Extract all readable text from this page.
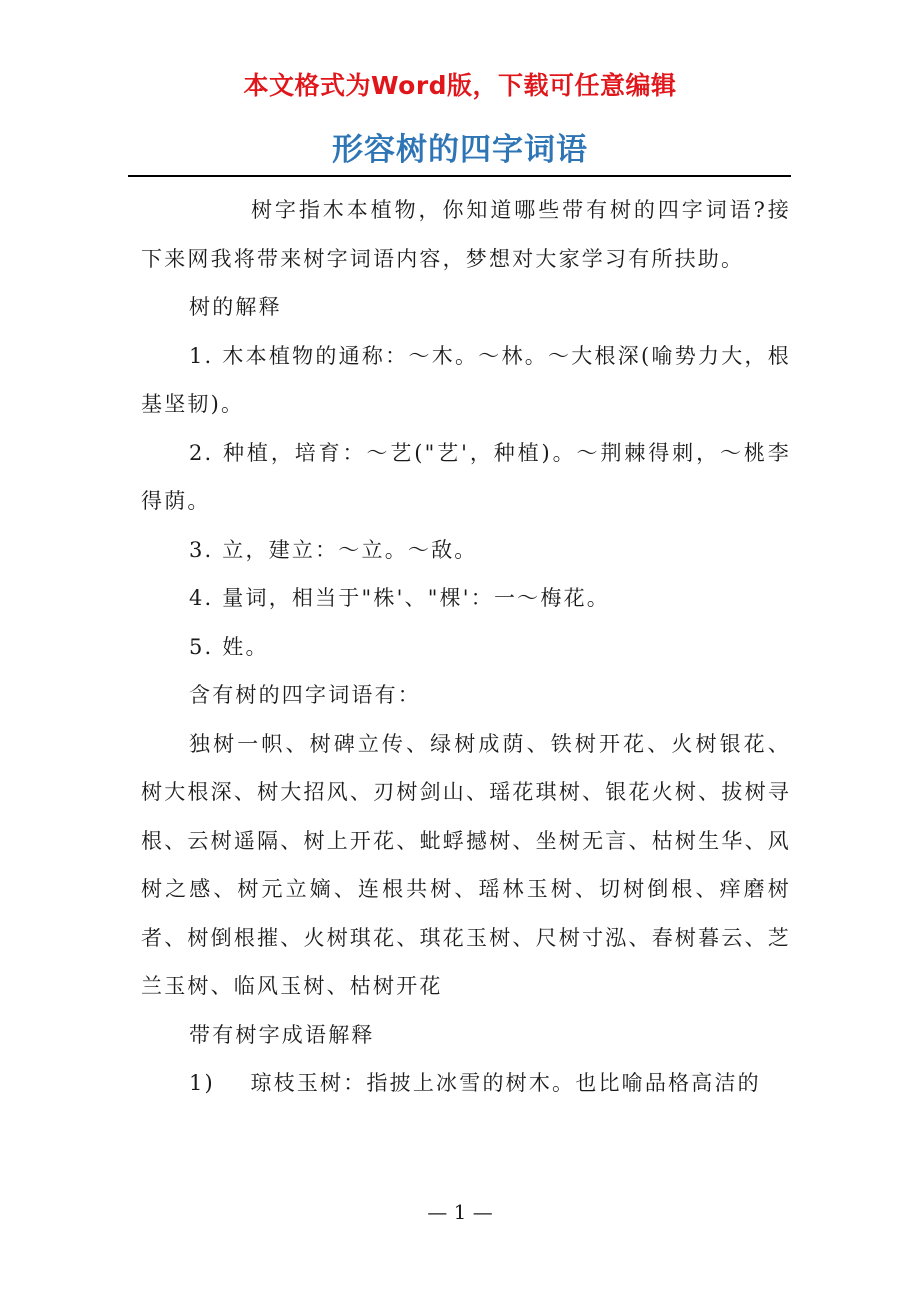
本文格式为Word版，下载可任意编辑
形容树的四字词语

树字指木本植物，你知道哪些带有树的四字词语?接下来网我将带来树字词语内容，梦想对大家学习有所扶助。

树的解释

1. 木本植物的通称：～木。～林。～大根深(喻势力大，根基坚韧)。

2. 种植，培育：～艺("艺'，种植)。～荆棘得刺，～桃李得荫。

3. 立，建立：～立。～敌。

4. 量词，相当于"株'、"棵'：一～梅花。

5. 姓。

含有树的四字词语有：

独树一帜、树碑立传、绿树成荫、铁树开花、火树银花、树大根深、树大招风、刃树剑山、瑶花琪树、银花火树、拔树寻根、云树遥隔、树上开花、蚍蜉撼树、坐树无言、枯树生华、风树之感、树元立嫡、连根共树、瑶林玉树、切树倒根、痒磨树者、树倒根摧、火树琪花、琪花玉树、尺树寸泓、春树暮云、芝兰玉树、临风玉树、枯树开花

带有树字成语解释

1)    琼枝玉树：指披上冰雪的树木。也比喻品格高洁的

— 1 —
